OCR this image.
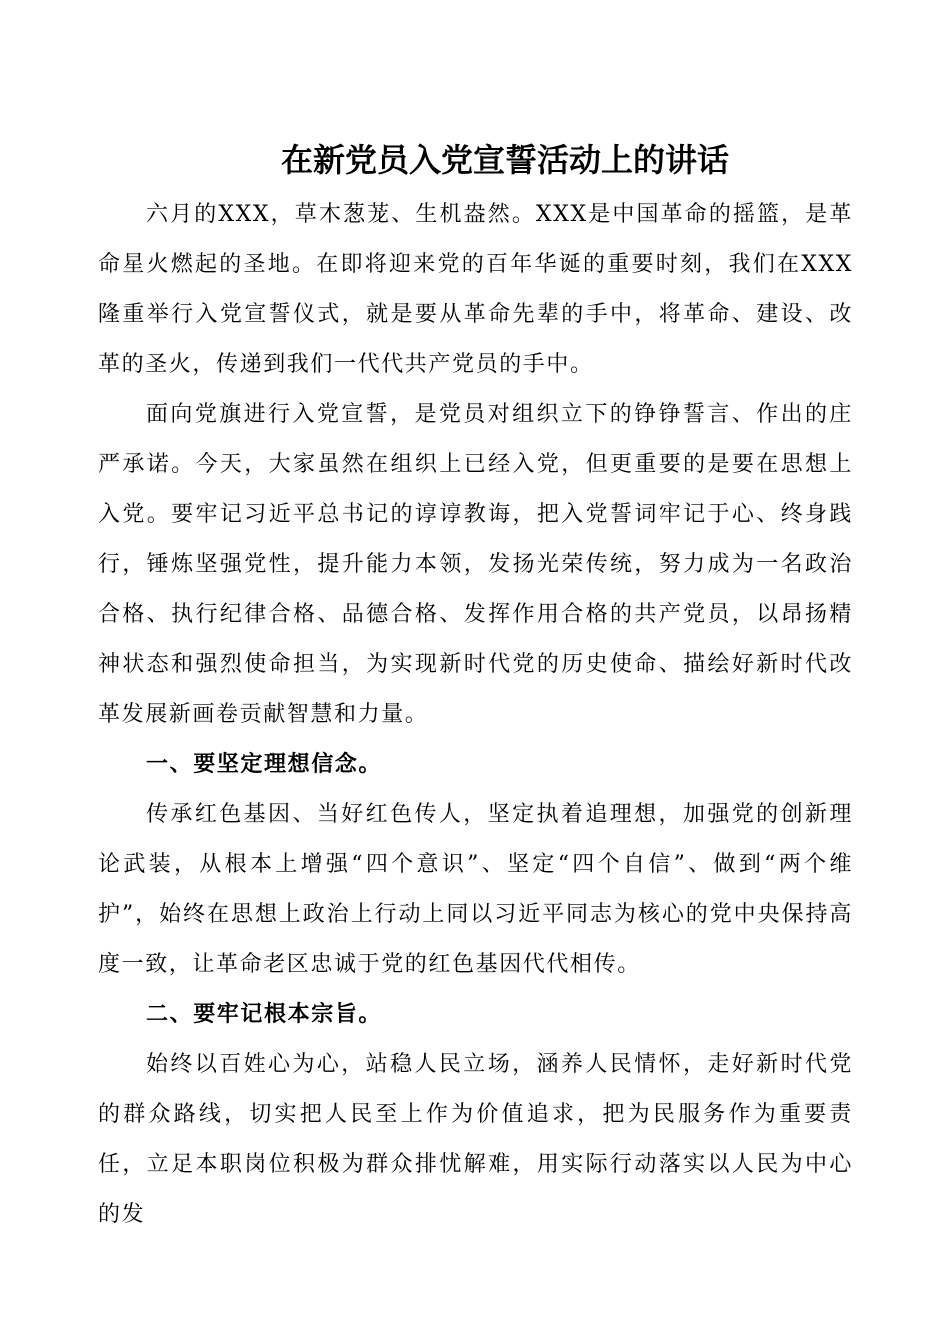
在新党员入党宣誓活动上的讲话

六月的XXX，草木葱茏、生机盎然。XXX是中国革命的摇篮，是革命星火燃起的圣地。在即将迎来党的百年华诞的重要时刻，我们在XXX隆重举行入党宣誓仪式，就是要从革命先辈的手中，将革命、建设、改革的圣火，传递到我们一代代共产党员的手中。

面向党旗进行入党宣誓，是党员对组织立下的铮铮誓言、作出的庄严承诺。今天，大家虽然在组织上已经入党，但更重要的是要在思想上入党。要牢记习近平总书记的谆谆教诲，把入党誓词牢记于心、终身践行，锤炼坚强党性，提升能力本领，发扬光荣传统，努力成为一名政治合格、执行纪律合格、品德合格、发挥作用合格的共产党员，以昂扬精神状态和强烈使命担当，为实现新时代党的历史使命、描绘好新时代改革发展新画卷贡献智慧和力量。

一、要坚定理想信念。

传承红色基因、当好红色传人，坚定执着追理想，加强党的创新理论武装，从根本上增强“四个意识”、坚定“四个自信”、做到“两个维护”，始终在思想上政治上行动上同以习近平同志为核心的党中央保持高度一致，让革命老区忠诚于党的红色基因代代相传。

二、要牢记根本宗旨。

始终以百姓心为心，站稳人民立场，涵养人民情怀，走好新时代党的群众路线，切实把人民至上作为价值追求，把为民服务作为重要责任，立足本职岗位积极为群众排忧解难，用实际行动落实以人民为中心的发
